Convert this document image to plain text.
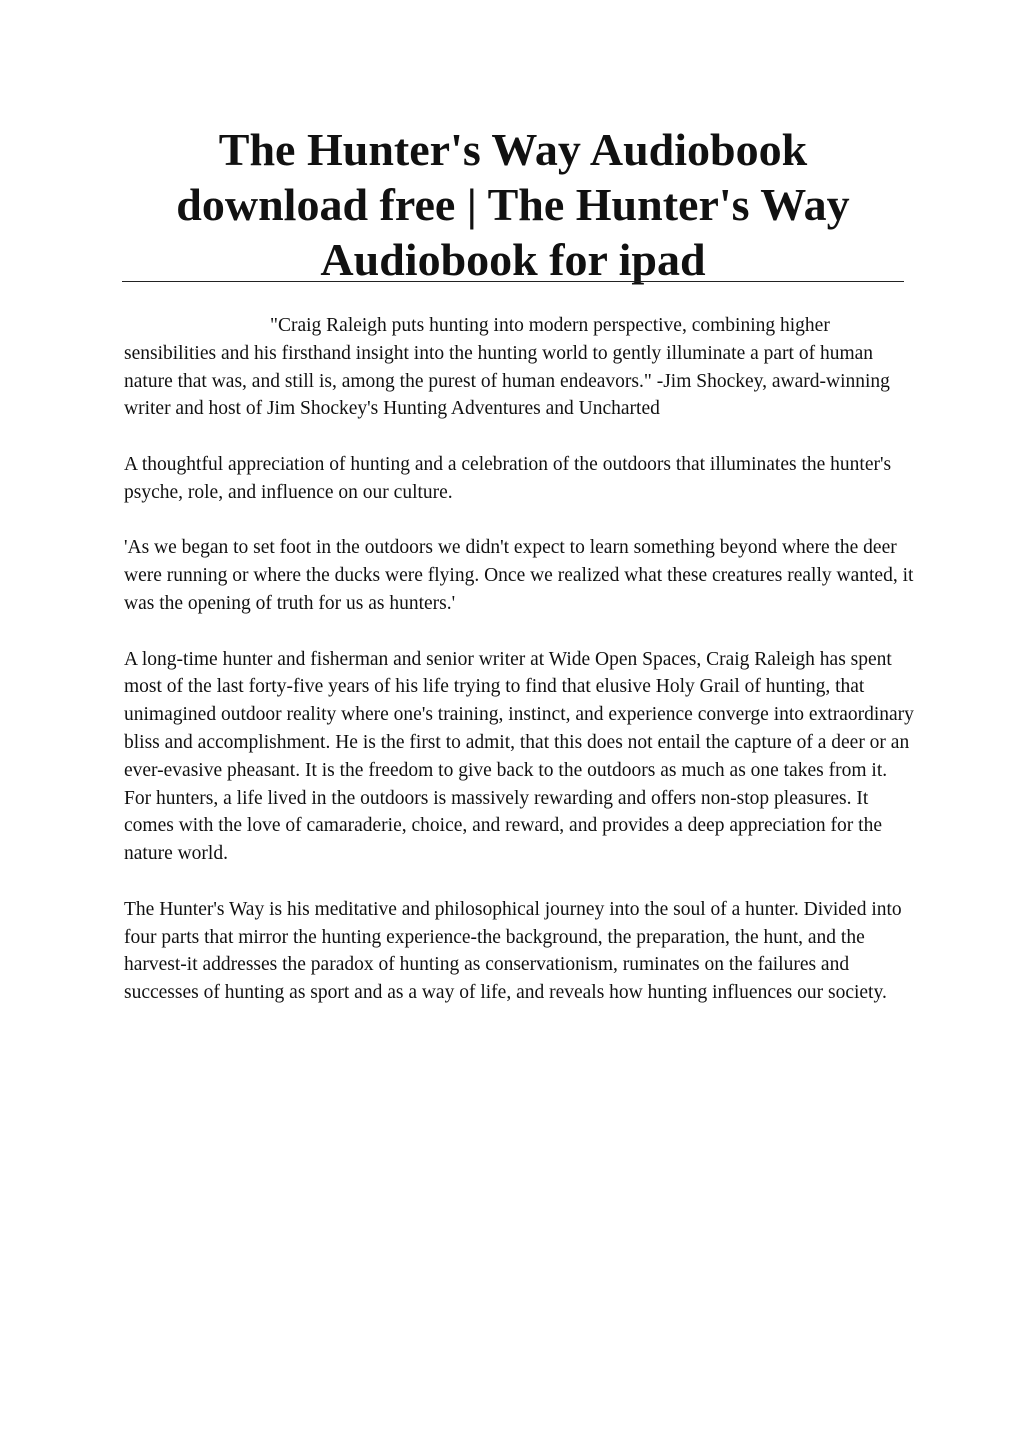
The Hunter's Way Audiobook download free | The Hunter's Way Audiobook for ipad

"Craig Raleigh puts hunting into modern perspective, combining higher sensibilities and his firsthand insight into the hunting world to gently illuminate a part of human nature that was, and still is, among the purest of human endeavors." -Jim Shockey, award-winning writer and host of Jim Shockey's Hunting Adventures and Uncharted

A thoughtful appreciation of hunting and a celebration of the outdoors that illuminates the hunter's psyche, role, and influence on our culture.

'As we began to set foot in the outdoors we didn't expect to learn something beyond where the deer were running or where the ducks were flying. Once we realized what these creatures really wanted, it was the opening of truth for us as hunters.'

A long-time hunter and fisherman and senior writer at Wide Open Spaces, Craig Raleigh has spent most of the last forty-five years of his life trying to find that elusive Holy Grail of hunting, that unimagined outdoor reality where one's training, instinct, and experience converge into extraordinary bliss and accomplishment. He is the first to admit, that this does not entail the capture of a deer or an ever-evasive pheasant. It is the freedom to give back to the outdoors as much as one takes from it. For hunters, a life lived in the outdoors is massively rewarding and offers non-stop pleasures. It comes with the love of camaraderie, choice, and reward, and provides a deep appreciation for the nature world.

The Hunter's Way is his meditative and philosophical journey into the soul of a hunter. Divided into four parts that mirror the hunting experience-the background, the preparation, the hunt, and the harvest-it addresses the paradox of hunting as conservationism, ruminates on the failures and successes of hunting as sport and as a way of life, and reveals how hunting influences our society.
